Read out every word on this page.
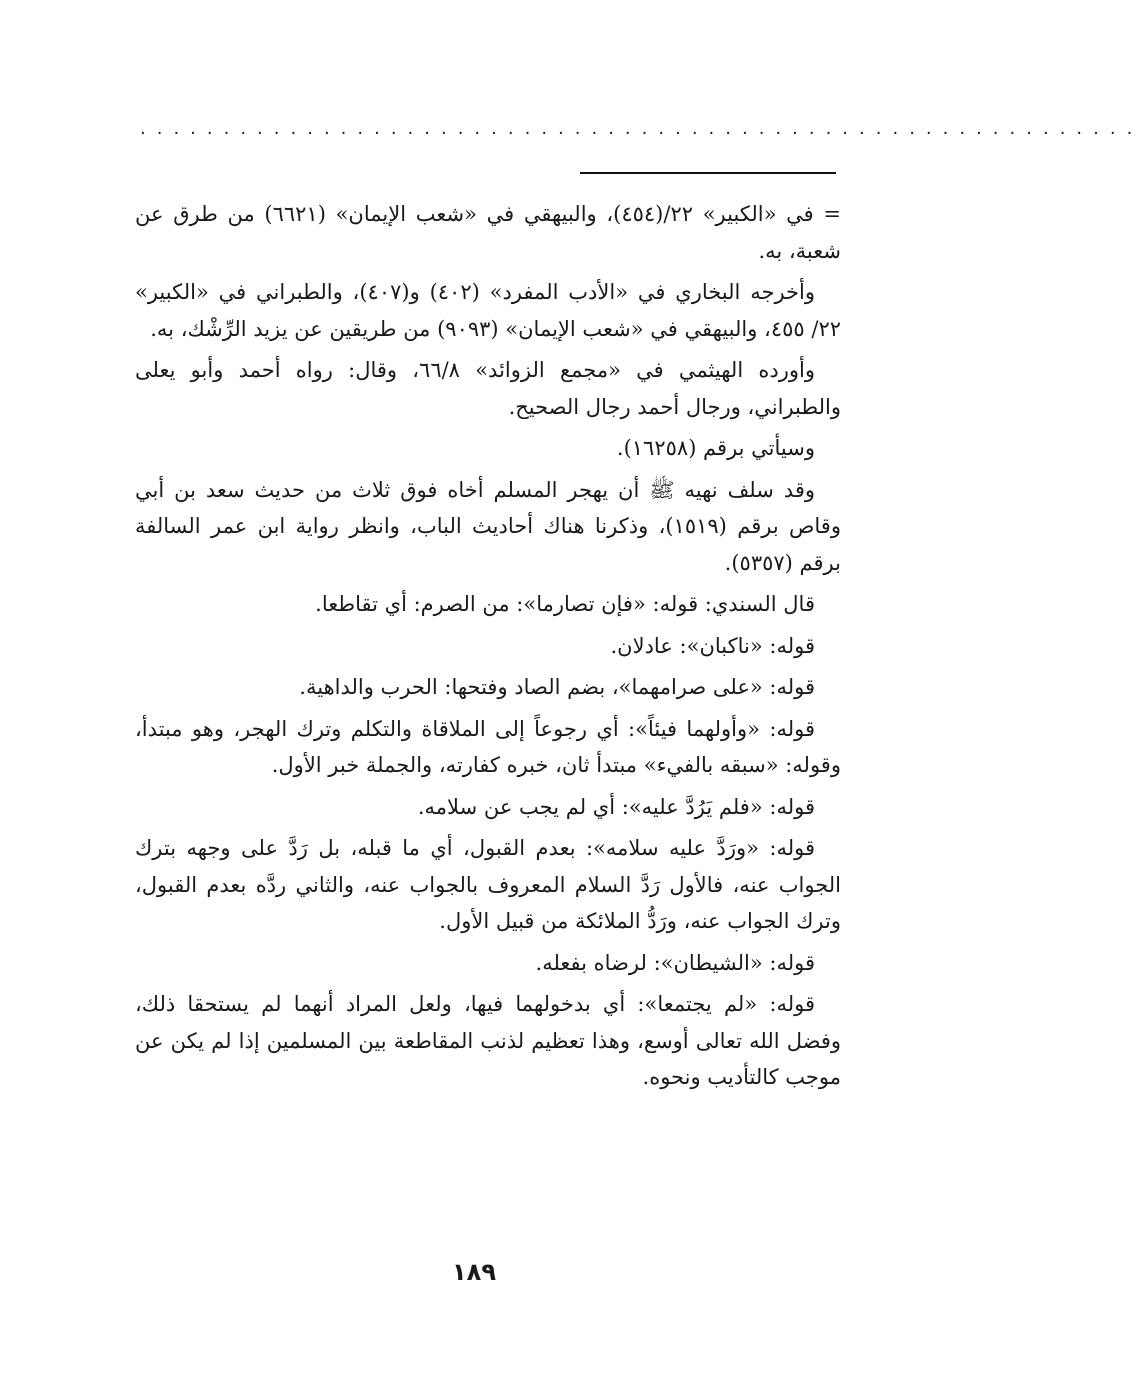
............................................................

= في «الكبير» ٢٢/(٤٥٤)، والبيهقي في «شعب الإيمان» (٦٦٢١) من طرق عن شعبة، به.

وأخرجه البخاري في «الأدب المفرد» (٤٠٢) و(٤٠٧)، والطبراني في «الكبير» ٢٢/ ٤٥٥، والبيهقي في «شعب الإيمان» (٩٠٩٣) من طريقين عن يزيد الرِّشْك، به.

وأورده الهيثمي في «مجمع الزوائد» ٦٦/٨، وقال: رواه أحمد وأبو يعلى والطبراني، ورجال أحمد رجال الصحيح.

وسيأتي برقم (١٦٢٥٨).

وقد سلف نهيه ﷺ أن يهجر المسلم أخاه فوق ثلاث من حديث سعد بن أبي وقاص برقم (١٥١٩)، وذكرنا هناك أحاديث الباب، وانظر رواية ابن عمر السالفة برقم (٥٣٥٧).

قال السندي: قوله: «فإن تصارما»: من الصرم: أي تقاطعا.

قوله: «ناكبان»: عادلان.

قوله: «على صرامهما»، بضم الصاد وفتحها: الحرب والداهية.

قوله: «وأولهما فيئاً»: أي رجوعاً إلى الملاقاة والتكلم وترك الهجر، وهو مبتدأ، وقوله: «سبقه بالفيء» مبتدأ ثان، خبره كفارته، والجملة خبر الأول.

قوله: «فلم يَرُدَّ عليه»: أي لم يجب عن سلامه.

قوله: «ورَدَّ عليه سلامه»: بعدم القبول، أي ما قبله، بل رَدَّ على وجهه بترك الجواب عنه، فالأول رَدَّ السلام المعروف بالجواب عنه، والثاني ردَّه بعدم القبول، وترك الجواب عنه، ورَدُّ الملائكة من قبيل الأول.

قوله: «الشيطان»: لرضاه بفعله.

قوله: «لم يجتمعا»: أي بدخولهما فيها، ولعل المراد أنهما لم يستحقا ذلك، وفضل الله تعالى أوسع، وهذا تعظيم لذنب المقاطعة بين المسلمين إذا لم يكن عن موجب كالتأديب ونحوه.

١٨٩
